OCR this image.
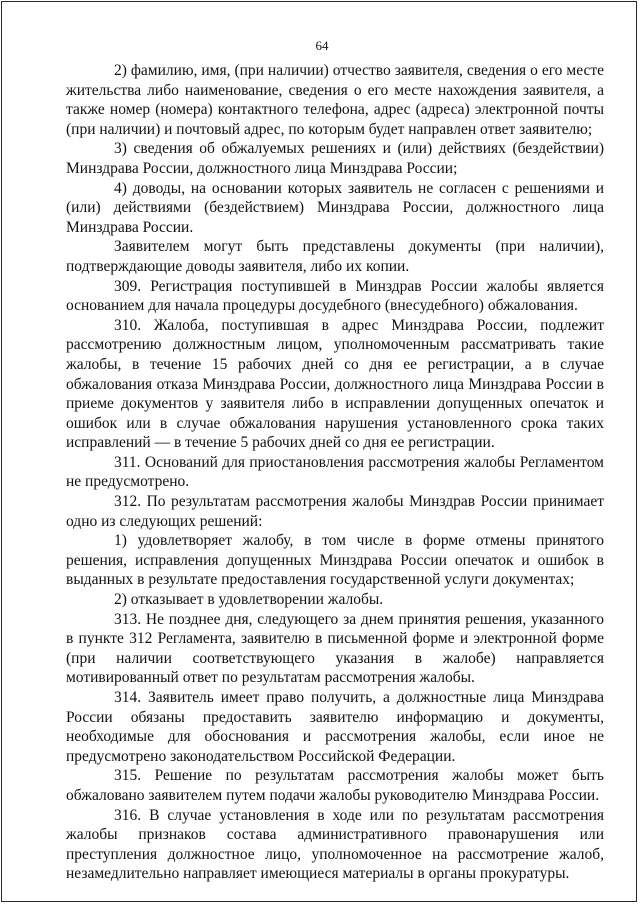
64

2) фамилию, имя, (при наличии) отчество заявителя, сведения о его месте жительства либо наименование, сведения о его месте нахождения заявителя, а также номер (номера) контактного телефона, адрес (адреса) электронной почты (при наличии) и почтовый адрес, по которым будет направлен ответ заявителю;

3) сведения об обжалуемых решениях и (или) действиях (бездействии) Минздрава России, должностного лица Минздрава России;

4) доводы, на основании которых заявитель не согласен с решениями и (или) действиями (бездействием) Минздрава России, должностного лица Минздрава России.

Заявителем могут быть представлены документы (при наличии), подтверждающие доводы заявителя, либо их копии.

309. Регистрация поступившей в Минздрав России жалобы является основанием для начала процедуры досудебного (внесудебного) обжалования.

310. Жалоба, поступившая в адрес Минздрава России, подлежит рассмотрению должностным лицом, уполномоченным рассматривать такие жалобы, в течение 15 рабочих дней со дня ее регистрации, а в случае обжалования отказа Минздрава России, должностного лица Минздрава России в приеме документов у заявителя либо в исправлении допущенных опечаток и ошибок или в случае обжалования нарушения установленного срока таких исправлений — в течение 5 рабочих дней со дня ее регистрации.

311. Оснований для приостановления рассмотрения жалобы Регламентом не предусмотрено.

312. По результатам рассмотрения жалобы Минздрав России принимает одно из следующих решений:

1) удовлетворяет жалобу, в том числе в форме отмены принятого решения, исправления допущенных Минздрава России опечаток и ошибок в выданных в результате предоставления государственной услуги документах;

2) отказывает в удовлетворении жалобы.

313. Не позднее дня, следующего за днем принятия решения, указанного в пункте 312 Регламента, заявителю в письменной форме и электронной форме (при наличии соответствующего указания в жалобе) направляется мотивированный ответ по результатам рассмотрения жалобы.

314. Заявитель имеет право получить, а должностные лица Минздрава России обязаны предоставить заявителю информацию и документы, необходимые для обоснования и рассмотрения жалобы, если иное не предусмотрено законодательством Российской Федерации.

315. Решение по результатам рассмотрения жалобы может быть обжаловано заявителем путем подачи жалобы руководителю Минздрава России.

316. В случае установления в ходе или по результатам рассмотрения жалобы признаков состава административного правонарушения или преступления должностное лицо, уполномоченное на рассмотрение жалоб, незамедлительно направляет имеющиеся материалы в органы прокуратуры.
